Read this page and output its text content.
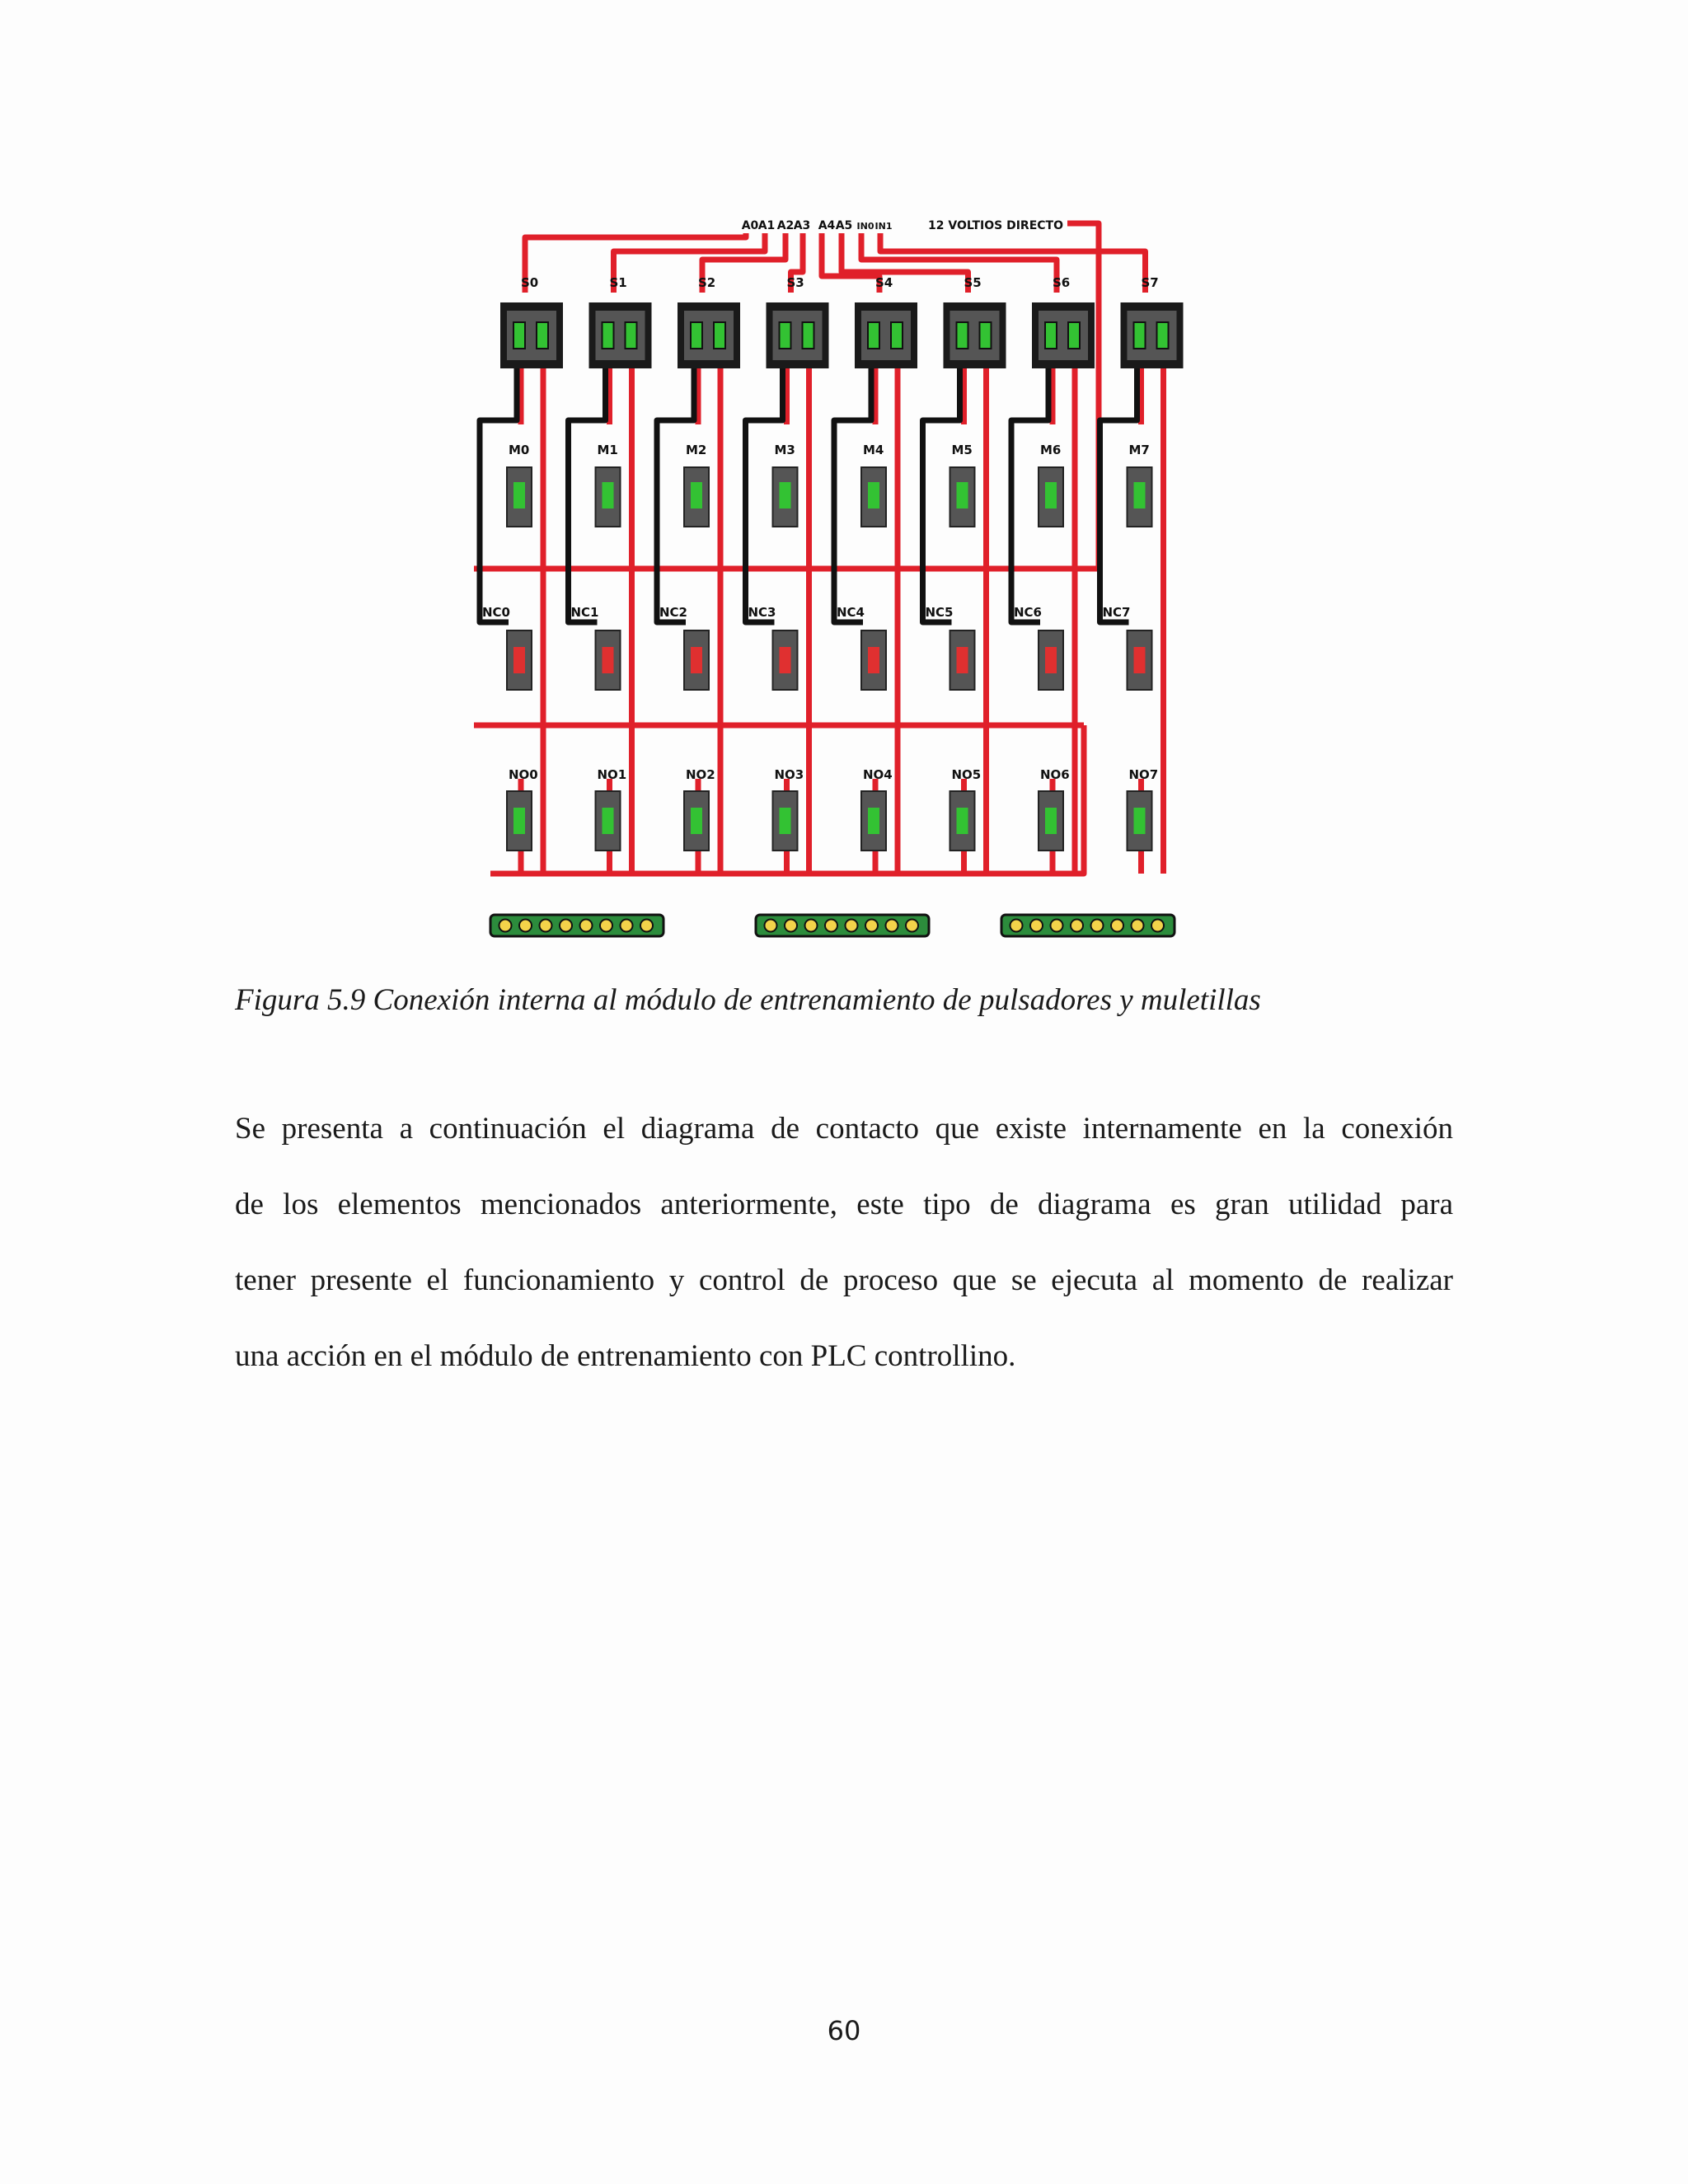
A0 A1 A2 A3 A4 A5 IN0 IN1	12 VOLTIOS DIRECTO
S0
M0
NC0
NO0
S1
M1
NC1
NO1
S2
M2
NC2
NO2
S3
M3
NC3
NO3
S4
M4
NC4
NO4
S5
M5
NC5
NO5
S6
M6
NC6
NO6
S7
M7
NC7
NO7
Figura 5.9 Conexión interna al módulo de entrenamiento de pulsadores y muletillas

Se presenta a continuación el diagrama de contacto que existe internamente en la conexión
de los elementos mencionados anteriormente, este tipo de diagrama es gran utilidad para
tener presente el funcionamiento y control de proceso que se ejecuta al momento de realizar
una acción en el módulo de entrenamiento con PLC controllino.

60
